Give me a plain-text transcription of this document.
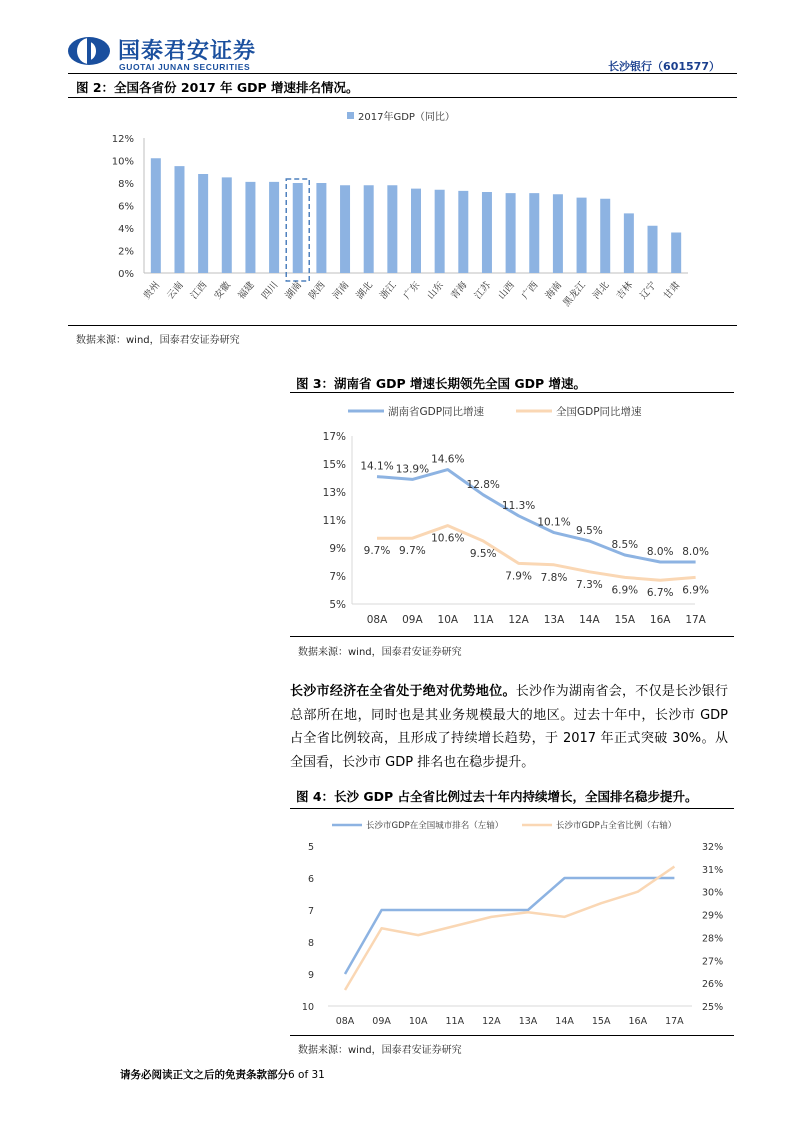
国泰君安证券
GUOTAI JUNAN SECURITIES	长沙银行（601577）
图 2：全国各省份 2017 年 GDP 增速排名情况。
2017年GDP（同比）
0%
2%
4%
6%
8%
10%
12%
贵州 云南 江西 安徽 福建 四川 湖南 陕西 河南 湖北 浙江 广东 山东 青海 江苏 山西 广西 海南
黑龙江 河北 吉林 辽宁 甘肃
数据来源：wind，国泰君安证券研究
图 3：湖南省 GDP 增速长期领先全国 GDP 增速。
湖南省GDP同比增速	全国GDP同比增速
5%
7%
9%
11%
13%
15%
17%
14.1% 13.9%
14.6%
12.8%
11.3%
10.1%
9.5%
8.5%
8.0% 8.0%
9.7% 9.7%
10.6%
9.5%
7.9% 7.8%
7.3% 6.9% 6.7% 6.9%
08A 09A 10A 11A 12A 13A 14A 15A 16A 17A
数据来源：wind，国泰君安证券研究
长沙市经济在全省处于绝对优势地位。长沙作为湖南省会，不仅是长沙银行总部所在地，同时也是其业务规模最大的地区。过去十年中，长沙市 GDP 占全省比例较高，且形成了持续增长趋势，于 2017 年正式突破 30%。从全国看，长沙市 GDP 排名也在稳步提升。
图 4：长沙 GDP 占全省比例过去十年内持续增长，全国排名稳步提升。
长沙市GDP在全国城市排名（左轴）	长沙市GDP占全省比例（右轴）
5
6
7
8
9
10
32%
31%
30%
29%
28%
27%
26%
25%
08A 09A 10A 11A 12A 13A 14A 15A 16A 17A
数据来源：wind，国泰君安证券研究
请务必阅读正文之后的免责条款部分6 of 31
